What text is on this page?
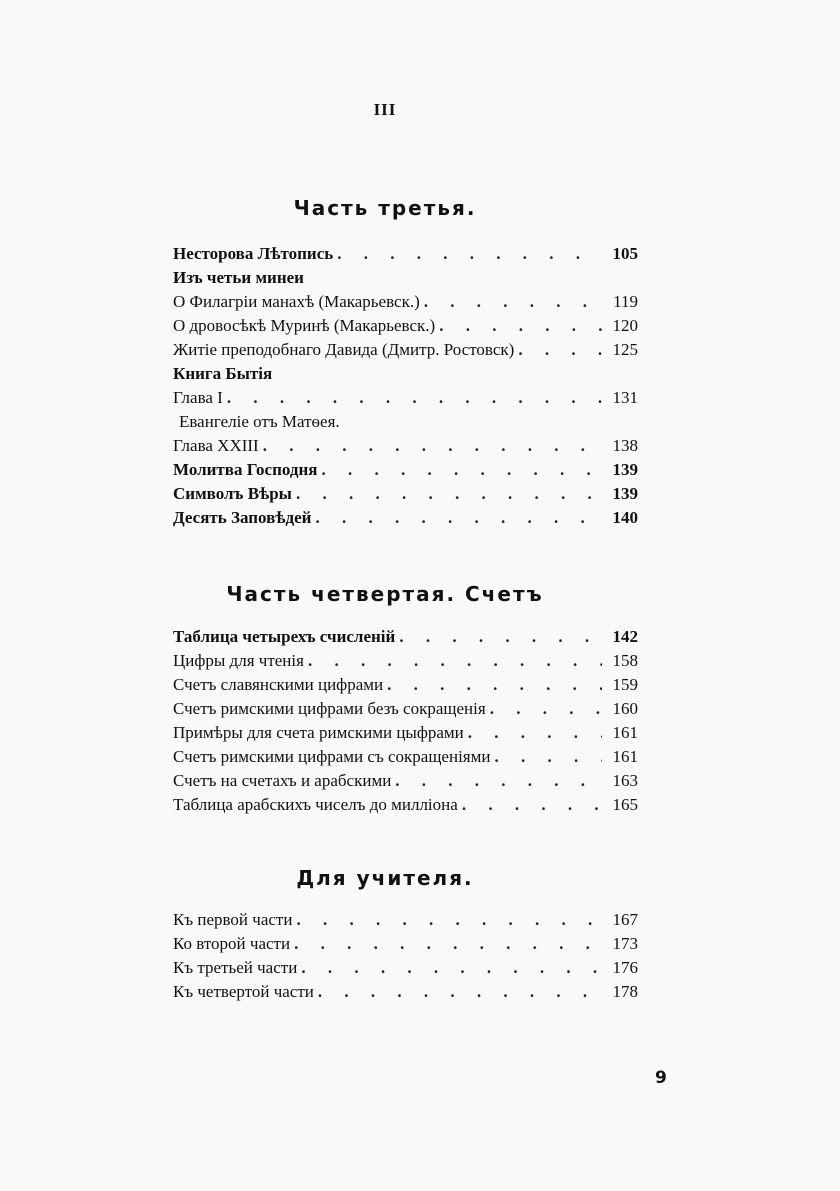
III
Часть третья.
Несторова Лѣтопись . . .	105
Изъ четьи минеи
О Филагріи манахѣ (Макарьевск.) . . .	119
О дровосѣкѣ Муринѣ (Макарьевск.) . . .	120
Житіе преподобнаго Давида (Дмитр. Ростовск) . . .	125
Книга Бытія
Глава I . . .	131
Евангеліе отъ Матѳея.
Глава XXIII . . .	138
Молитва Господня . . .	139
Символъ Вѣры . . .	139
Десять Заповѣдей . . .	140
Часть четвертая. Счетъ
Таблица четырехъ счисленій . . .	142
Цифры для чтенія . . .	158
Счетъ славянскими цифрами . . .	159
Счетъ римскими цифрами безъ сокращенія . . .	160
Примѣры для счета римскими цыфрами . . .	161
Счетъ римскими цифрами съ сокращеніями . . .	161
Счетъ на счетахъ и арабскими . . .	163
Таблица арабскихъ чиселъ до милліона . . .	165
Для учителя.
Къ первой части . . .	167
Ко второй части . . .	173
Къ третьей части . . .	176
Къ четвертой части . . .	178
9
